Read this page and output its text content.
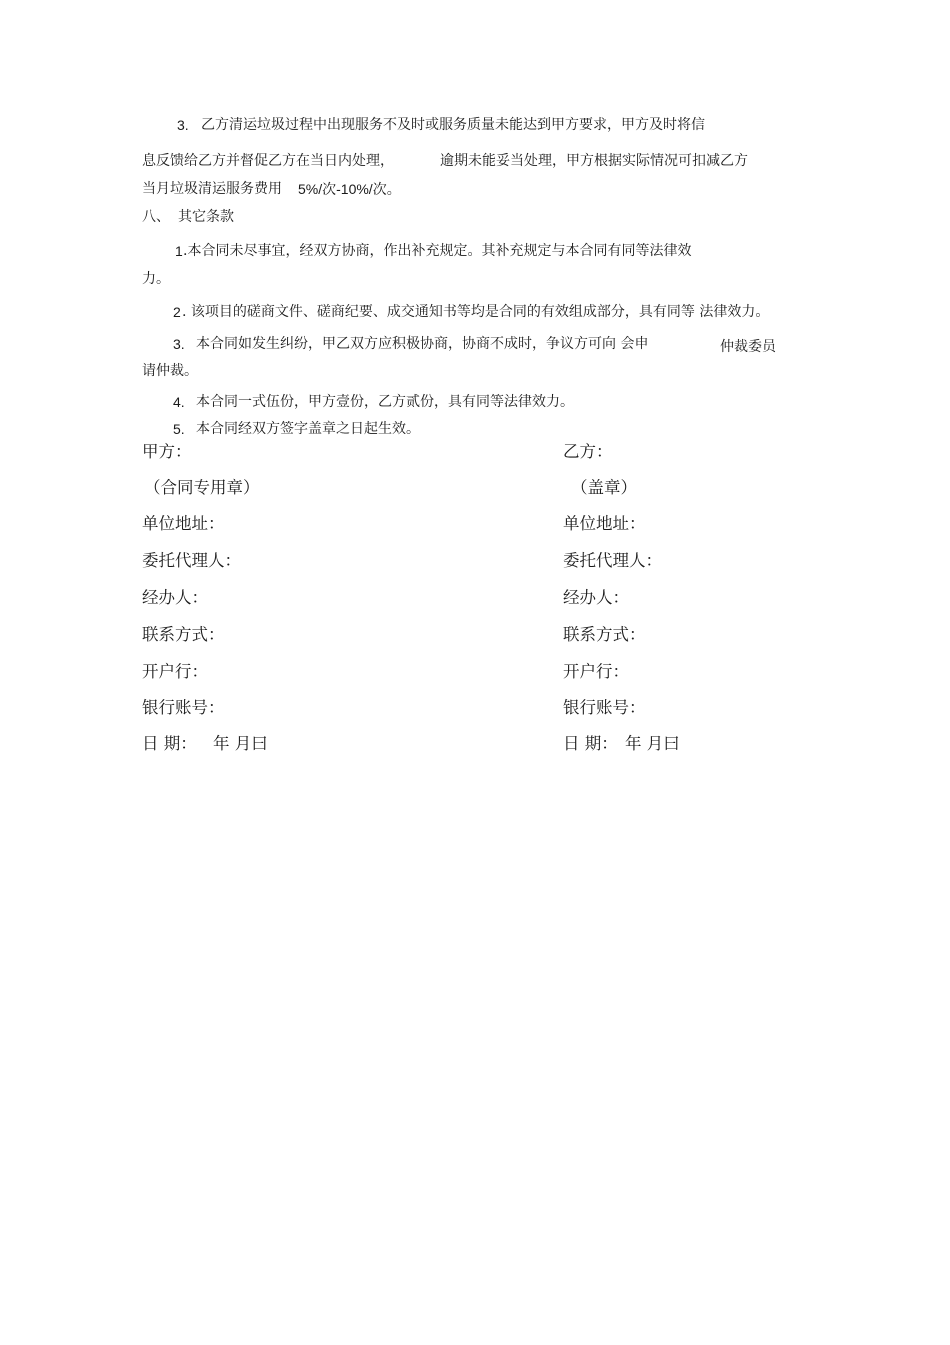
3. 乙方清运垃圾过程中出现服务不及时或服务质量未能达到甲方要求，甲方及时将信
息反馈给乙方并督促乙方在当日内处理，	逾期未能妥当处理，甲方根据实际情况可扣减乙方
当月垃圾清运服务费用 5%/次-10%/次。
八、 其它条款
1 .本合同未尽事宜，经双方协商，作出补充规定。其补充规定与本合同有同等法律效
力。
2 . 该项目的磋商文件、磋商纪要、成交通知书等均是合同的有效组成部分，具有同等 法律效力。
3. 本合同如发生纠纷，甲乙双方应积极协商，协商不成时，争议方可向 会申	仲裁委员
请仲裁。
4. 本合同一式伍份，甲方壹份，乙方贰份，具有同等法律效力。
5. 本合同经双方签字盖章之日起生效。
甲方：
（合同专用章）
单位地址：
委托代理人：
经办人：
联系方式：
开户行：
银行账号：
日 期： 年 月曰
乙方：
（盖章）
单位地址：
委托代理人：
经办人：
联系方式：
开户行：
银行账号：
日 期： 年 月曰
